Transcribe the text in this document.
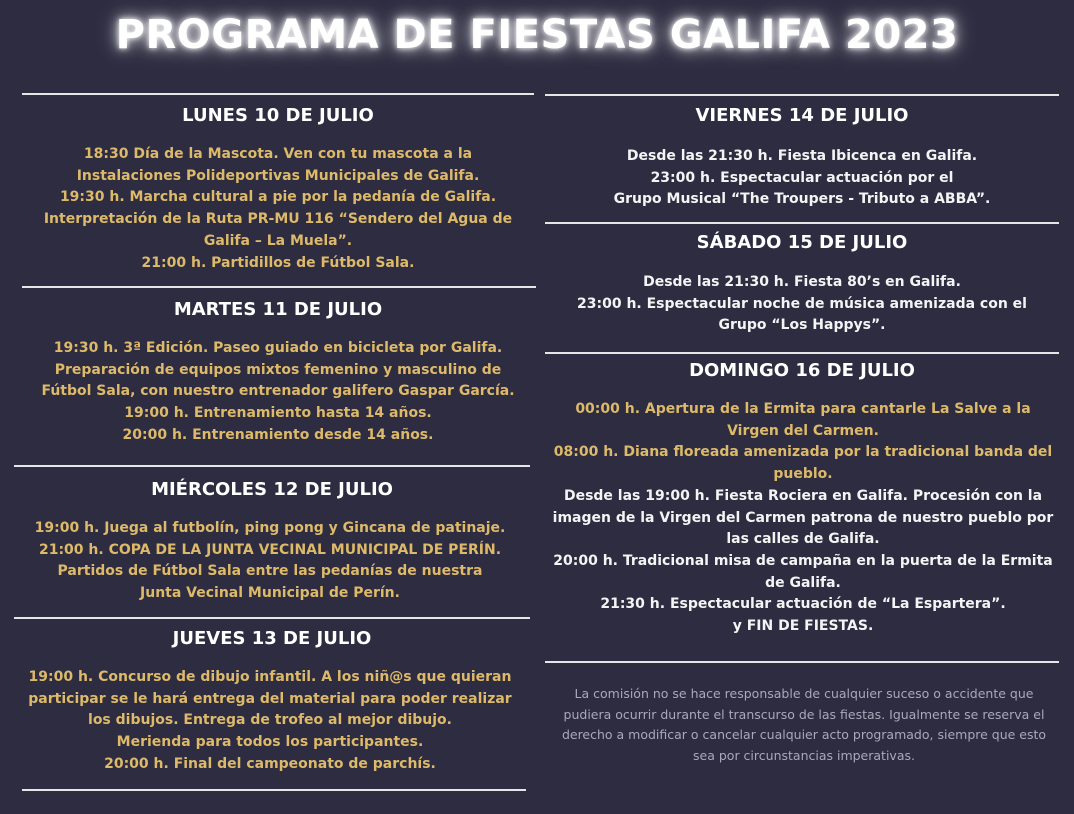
PROGRAMA DE FIESTAS GALIFA 2023
LUNES 10 DE JULIO
18:30 Día de la Mascota. Ven con tu mascota a la
Instalaciones Polideportivas Municipales de Galifa.
19:30 h. Marcha cultural a pie por la pedanía de Galifa.
Interpretación de la Ruta PR-MU 116 “Sendero del Agua de
Galifa – La Muela”.
21:00 h. Partidillos de Fútbol Sala.
MARTES 11 DE JULIO
19:30 h. 3ª Edición. Paseo guiado en bicicleta por Galifa.
Preparación de equipos mixtos femenino y masculino de
Fútbol Sala, con nuestro entrenador galifero Gaspar García.
19:00 h. Entrenamiento hasta 14 años.
20:00 h. Entrenamiento desde 14 años.
MIÉRCOLES 12 DE JULIO
19:00 h. Juega al futbolín, ping pong y Gincana de patinaje.
21:00 h. COPA DE LA JUNTA VECINAL MUNICIPAL DE PERÍN.
Partidos de Fútbol Sala entre las pedanías de nuestra
Junta Vecinal Municipal de Perín.
JUEVES 13 DE JULIO
19:00 h. Concurso de dibujo infantil. A los niñ@s que quieran
participar se le hará entrega del material para poder realizar
los dibujos. Entrega de trofeo al mejor dibujo.
Merienda para todos los participantes.
20:00 h. Final del campeonato de parchís.
VIERNES 14 DE JULIO
Desde las 21:30 h. Fiesta Ibicenca en Galifa.
23:00 h. Espectacular actuación por el
Grupo Musical “The Troupers - Tributo a ABBA”.
SÁBADO 15 DE JULIO
Desde las 21:30 h. Fiesta 80’s en Galifa.
23:00 h. Espectacular noche de música amenizada con el
Grupo “Los Happys”.
DOMINGO 16 DE JULIO
00:00 h. Apertura de la Ermita para cantarle La Salve a la
Virgen del Carmen.
08:00 h. Diana floreada amenizada por la tradicional banda del
pueblo.
Desde las 19:00 h. Fiesta Rociera en Galifa. Procesión con la
imagen de la Virgen del Carmen patrona de nuestro pueblo por
las calles de Galifa.
20:00 h. Tradicional misa de campaña en la puerta de la Ermita
de Galifa.
21:30 h. Espectacular actuación de “La Espartera”.
y FIN DE FIESTAS.
La comisión no se hace responsable de cualquier suceso o accidente que
pudiera ocurrir durante el transcurso de las fiestas. Igualmente se reserva el
derecho a modificar o cancelar cualquier acto programado, siempre que esto
sea por circunstancias imperativas.
